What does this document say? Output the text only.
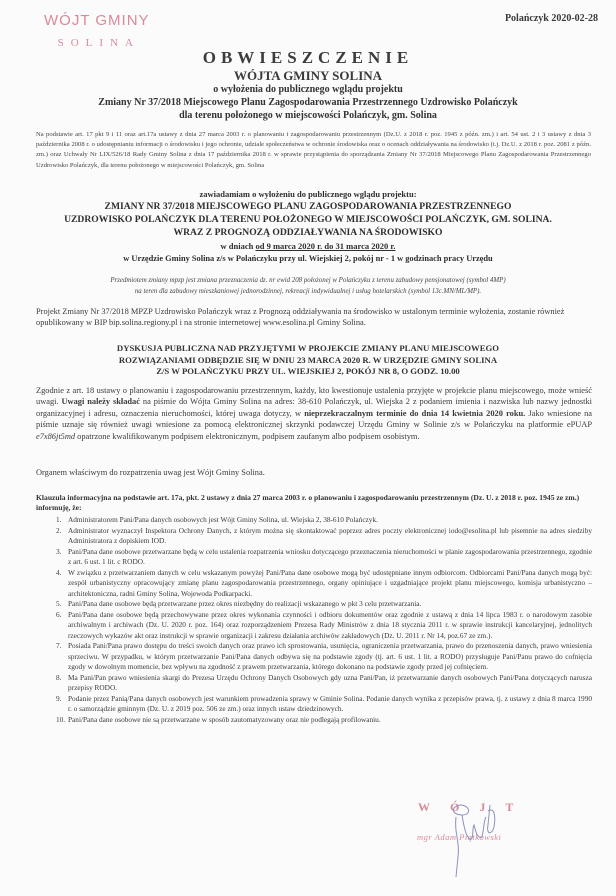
WÓJT GMINY
SOLINA
Polańczyk 2020-02-28
OBWIESZCZENIE
WÓJTA GMINY SOLINA
o wyłożenia do publicznego wglądu projektu
Zmiany Nr 37/2018 Miejscowego Planu Zagospodarowania Przestrzennego Uzdrowisko Polańczyk
dla terenu położonego w miejscowości Polańczyk, gm. Solina
Na podstawie art. 17 pkt 9 i 11 oraz art.17a ustawy z dnia 27 marca 2003 r. o planowaniu i zagospodarowaniu przestrzennym (Dz.U. z 2018 r. poz. 1945 z późn. zm.) i art. 54 ust. 2 i 3 ustawy z dnia 3 października 2008 r. o udostępnianiu informacji o środowisku i jego ochronie, udziale społeczeństwa w ochronie środowiska oraz o ocenach oddziaływania na środowisko (t.j. Dz.U. z 2018 r. poz. 2081 z późn. zm.) oraz Uchwały Nr LIX/526/18 Rady Gminy Solina z dnia 17 października 2018 r. w sprawie przystąpienia do sporządzania Zmiany Nr 37/2018 Miejscowego Planu Zagospodarowania Przestrzennego Uzdrowisko Polańczyk, dla terenu położonego w miejscowości Polańczyk, gm. Solina
zawiadamiam o wyłożeniu do publicznego wglądu projektu:
ZMIANY NR 37/2018 MIEJSCOWEGO PLANU ZAGOSPODAROWANIA PRZESTRZENNEGO
UZDROWISKO POLAŃCZYK DLA TERENU POŁOŻONEGO W MIEJSCOWOŚCI POLAŃCZYK, GM. SOLINA.
WRAZ Z PROGNOZĄ ODDZIAŁYWANIA NA ŚRODOWISKO
w dniach od 9 marca 2020 r. do 31 marca 2020 r.
w Urzędzie Gminy Solina z/s w Polańczyku przy ul. Wiejskiej 2, pokój nr - 1 w godzinach pracy Urzędu
Przedmiotem zmiany mpzp jest zmiana przeznaczenia dz. nr ewid 208 położonej w Polańczyku z terenu zabudowy pensjonatowej (symbol 4MP)
na teren dla zabudowy mieszkaniowej jednorodzinnej, rekreacji indywidualnej i usług hotelarskich (symbol 13c.MN/ML/MP).
Projekt Zmiany Nr 37/2018 MPZP Uzdrowisko Polańczyk wraz z Prognozą oddziaływania na środowisko w ustalonym terminie wyłożenia, zostanie również opublikowany w BIP bip.solina.regiony.pl i na stronie internetowej www.esolina.pl Gminy Solina.
DYSKUSJA PUBLICZNA NAD PRZYJĘTYMI W PROJEKCIE ZMIANY PLANU MIEJSCOWEGO
ROZWIĄZANIAMI ODBĘDZIE SIĘ W DNIU 23 MARCA 2020 R. W URZĘDZIE GMINY SOLINA
Z/S W POLAŃCZYKU PRZY UL. WIEJSKIEJ 2, POKÓJ NR 8, O GODZ. 10.00
Zgodnie z art. 18 ustawy o planowaniu i zagospodarowaniu przestrzennym, każdy, kto kwestionuje ustalenia przyjęte w projekcie planu miejscowego, może wnieść uwagi. Uwagi należy składać na piśmie do Wójta Gminy Solina na adres: 38-610 Polańczyk, ul. Wiejska 2 z podaniem imienia i nazwiska lub nazwy jednostki organizacyjnej i adresu, oznaczenia nieruchomości, której uwaga dotyczy, w nieprzekraczalnym terminie do dnia 14 kwietnia 2020 roku. Jako wniesione na piśmie uznaje się również uwagi wniesione za pomocą elektronicznej skrzynki podawczej Urzędu Gminy w Solinie z/s w Polańczyku na platformie ePUAP e7x86jt5md opatrzone kwalifikowanym podpisem elektronicznym, podpisem zaufanym albo podpisem osobistym.
Organem właściwym do rozpatrzenia uwag jest Wójt Gminy Solina.
Klauzula informacyjna na podstawie art. 17a, pkt. 2 ustawy z dnia 27 marca 2003 r. o planowaniu i zagospodarowaniu przestrzennym (Dz. U. z 2018 r. poz. 1945 ze zm.) informuję, że:
1. Administratorem Pani/Pana danych osobowych jest Wójt Gminy Solina, ul. Wiejska 2, 38-610 Polańczyk.
2. Administrator wyznaczył Inspektora Ochrony Danych, z którym można się skontaktować poprzez adres poczty elektronicznej iodo@esolina.pl lub pisemnie na adres siedziby Administratora z dopiskiem IOD.
3. Pani/Pana dane osobowe przetwarzane będą w celu ustalenia rozpatrzenia wniosku dotyczącego przeznaczenia nieruchomości w planie zagospodarowania przestrzennego, zgodnie z art. 6 ust. 1 lit. c RODO.
4. W związku z przetwarzaniem danych w celu wskazanym powyżej Pani/Pana dane osobowe mogą być udostępniane innym odbiorcom. Odbiorcami Pani/Pana danych mogą być: zespół urbanistyczny opracowujący zmianę planu zagospodarowania przestrzennego, organy opiniujące i uzgadniające projekt planu miejscowego, komisja urbanistyczno – architektoniczna, radni Gminy Solina, Wojewoda Podkarpacki.
5. Pani/Pana dane osobowe będą przetwarzane przez okres niezbędny do realizacji wskazanego w pkt 3 celu przetwarzania.
6. Pani/Pana dane osobowe będą przechowywane przez okres wykonania czynności i odbioru dokumentów oraz zgodnie z ustawą z dnia 14 lipca 1983 r. o narodowym zasobie archiwalnym i archiwach (Dz. U. 2020 r. poz. 164) oraz rozporządzeniem Prezesa Rady Ministrów z dnia 18 stycznia 2011 r. w sprawie instrukcji kancelaryjnej, jednolitych rzeczowych wykazów akt oraz instrukcji w sprawie organizacji i zakresu działania archiwów zakładowych (Dz. U. 2011 r. Nr 14, poz.67 ze zm.).
7. Posiada Pani/Pana prawo dostępu do treści swoich danych oraz prawo ich sprostowania, usunięcia, ograniczenia przetwarzania, prawo do przenoszenia danych, prawo wniesienia sprzeciwu. W przypadku, w którym przetwarzanie Pani/Pana danych odbywa się na podstawie zgody (tj. art. 6 ust. 1 lit. a RODO) przysługuje Pani/Panu prawo do cofnięcia zgody w dowolnym momencie, bez wpływu na zgodność z prawem przetwarzania, którego dokonano na podstawie zgody przed jej cofnięciem.
8. Ma Pani/Pan prawo wniesienia skargi do Prezesa Urzędu Ochrony Danych Osobowych gdy uzna Pani/Pan, iż przetwarzanie danych osobowych Pani/Pana dotyczących narusza przepisy RODO.
9. Podanie przez Panią/Pana danych osobowych jest warunkiem prowadzenia sprawy w Gminie Solina. Podanie danych wynika z przepisów prawa, tj. z ustawy z dnia 8 marca 1990 r. o samorządzie gminnym (Dz. U. z 2019 poz. 506 ze zm.) oraz innych ustaw dziedzinowych.
10. Pani/Pana dane osobowe nie są przetwarzane w sposób zautomatyzowany oraz nie podlegają profilowaniu.
WÓJT
mgr Adam Piątkowski
